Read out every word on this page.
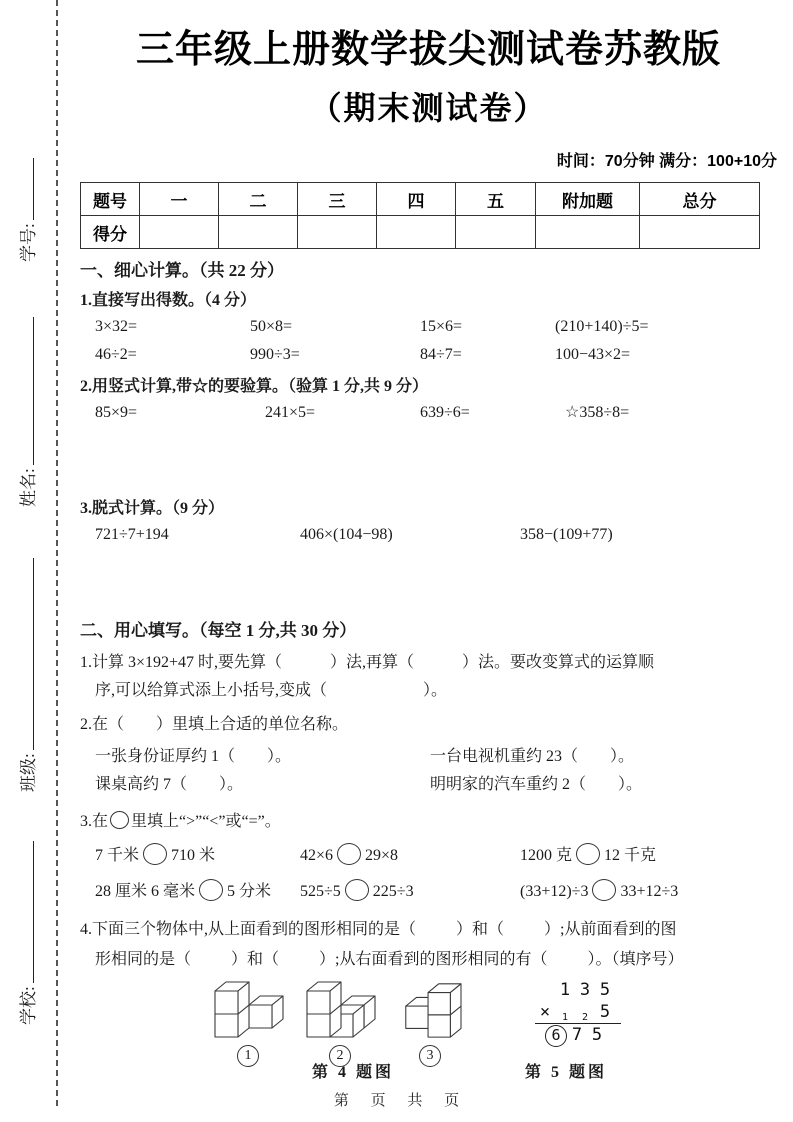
学号:
姓名:
班级:
学校:
三年级上册数学拔尖测试卷苏教版
（期末测试卷）
时间：70分钟 满分：100+10分
题号	一	二	三	四	五	附加题	总分
得分							
一、细心计算。（共 22 分）
1.直接写出得数。（4 分）
3×32=	50×8=	15×6=	(210+140)÷5=
46÷2=	990÷3=	84÷7=	100−43×2=
2.用竖式计算,带☆的要验算。（验算 1 分,共 9 分）
85×9=	241×5=	639÷6=	☆358÷8=
3.脱式计算。（9 分）
721÷7+194	406×(104−98)	358−(109+77)
二、用心填写。（每空 1 分,共 30 分）
1.计算 3×192+47 时,要先算（            ）法,再算（            ）法。要改变算式的运算顺
序,可以给算式添上小括号,变成（                        ）。
2.在（        ）里填上合适的单位名称。
一张身份证厚约 1（        ）。	一台电视机重约 23（        ）。
课桌高约 7（        ）。	明明家的汽车重约 2（        ）。
3.在 里填上“>”“<”或“=”。
7 千米 710 米	42×6 29×8	1200 克 12 千克
28 厘米 6 毫米 5 分米	525÷5 225÷3	(33+12)÷3 33+12÷3
4.下面三个物体中,从上面看到的图形相同的是（          ）和（          ）;从前面看到的图
形相同的是（          ）和（          ）;从右面看到的图形相同的有（          ）。（填序号）
1	2	3
1 3 5
×	1	2 5
6 7 5
第 4 题图	第 5 题图
第 页 共 页
